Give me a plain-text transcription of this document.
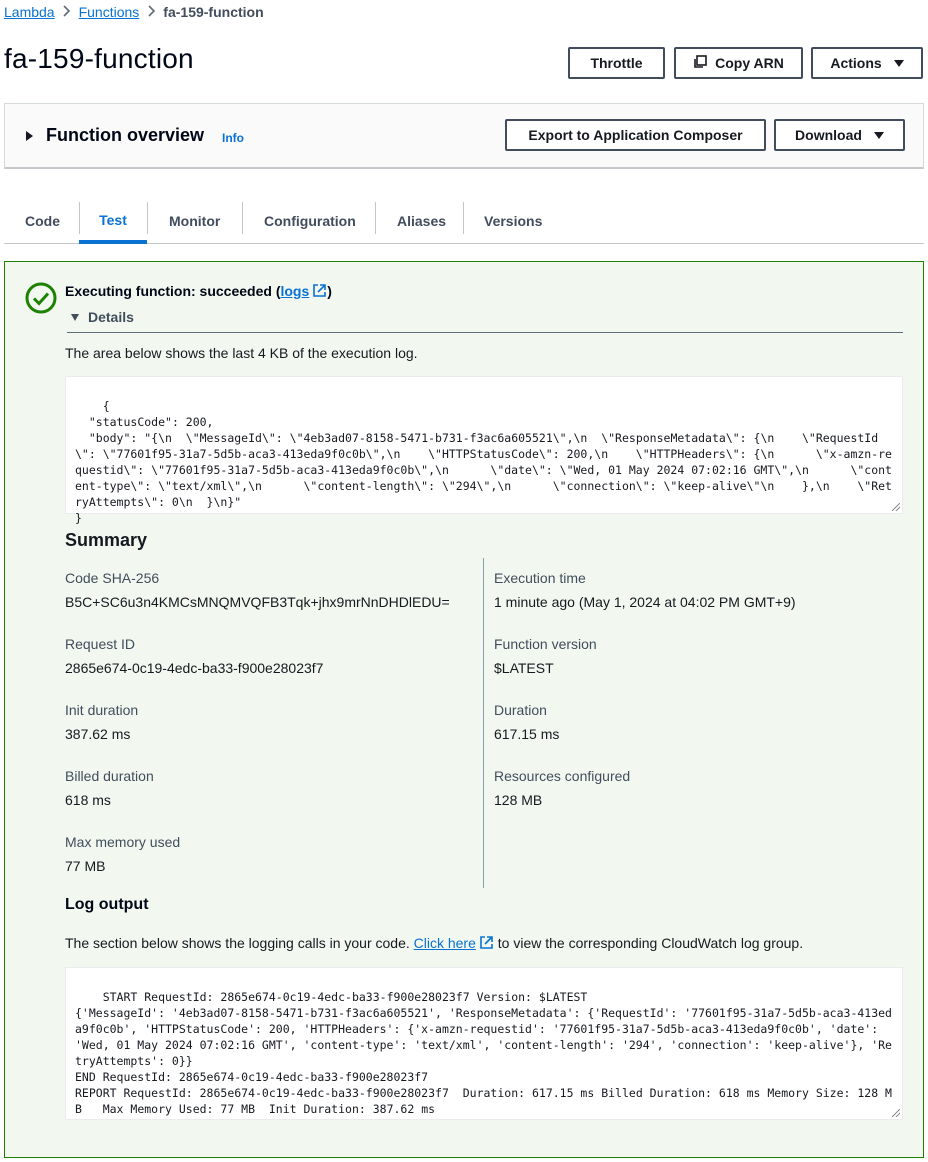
Lambda Functions fa-159-function
fa-159-function	Throttle	Copy ARN	Actions
Function overview Info	Export to Application Composer	Download
Code	Test	Monitor	Configuration	Aliases	Versions
Executing function: succeeded (logs )
Details

The area below shows the last 4 KB of the execution log.

{
"statusCode": 200,
"body": "{\n  \"MessageId\": \"4eb3ad07-8158-5471-b731-f3ac6a605521\",\n  \"ResponseMetadata\": {\n    \"RequestId\": \"77601f95-31a7-5d5b-aca3-413eda9f0c0b\",\n    \"HTTPStatusCode\": 200,\n    \"HTTPHeaders\": {\n      \"x-amzn-requestid\": \"77601f95-31a7-5d5b-aca3-413eda9f0c0b\",\n      \"date\": \"Wed, 01 May 2024 07:02:16 GMT\",\n      \"content-type\": \"text/xml\",\n      \"content-length\": \"294\",\n      \"connection\": \"keep-alive\"\n    },\n    \"RetryAttempts\": 0\n  }\n}"
}

Summary
Code SHA-256
B5C+SC6u3n4KMCsMNQMVQFB3Tqk+jhx9mrNnDHDlEDU=
Request ID
2865e674-0c19-4edc-ba33-f900e28023f7
Init duration
387.62 ms
Billed duration
618 ms
Max memory used
77 MB
Execution time
1 minute ago (May 1, 2024 at 04:02 PM GMT+9)
Function version
$LATEST
Duration
617.15 ms
Resources configured
128 MB
Log output

The section below shows the logging calls in your code. Click here to view the corresponding CloudWatch log group.

START RequestId: 2865e674-0c19-4edc-ba33-f900e28023f7 Version: $LATEST
{'MessageId': '4eb3ad07-8158-5471-b731-f3ac6a605521', 'ResponseMetadata': {'RequestId': '77601f95-31a7-5d5b-aca3-413eda9f0c0b', 'HTTPStatusCode': 200, 'HTTPHeaders': {'x-amzn-requestid': '77601f95-31a7-5d5b-aca3-413eda9f0c0b', 'date': 'Wed, 01 May 2024 07:02:16 GMT', 'content-type': 'text/xml', 'content-length': '294', 'connection': 'keep-alive'}, 'RetryAttempts': 0}}
END RequestId: 2865e674-0c19-4edc-ba33-f900e28023f7
REPORT RequestId: 2865e674-0c19-4edc-ba33-f900e28023f7	Duration: 617.15 ms	Billed Duration: 618 ms	Memory Size: 128 MB	Max Memory Used: 77 MB	Init Duration: 387.62 ms
